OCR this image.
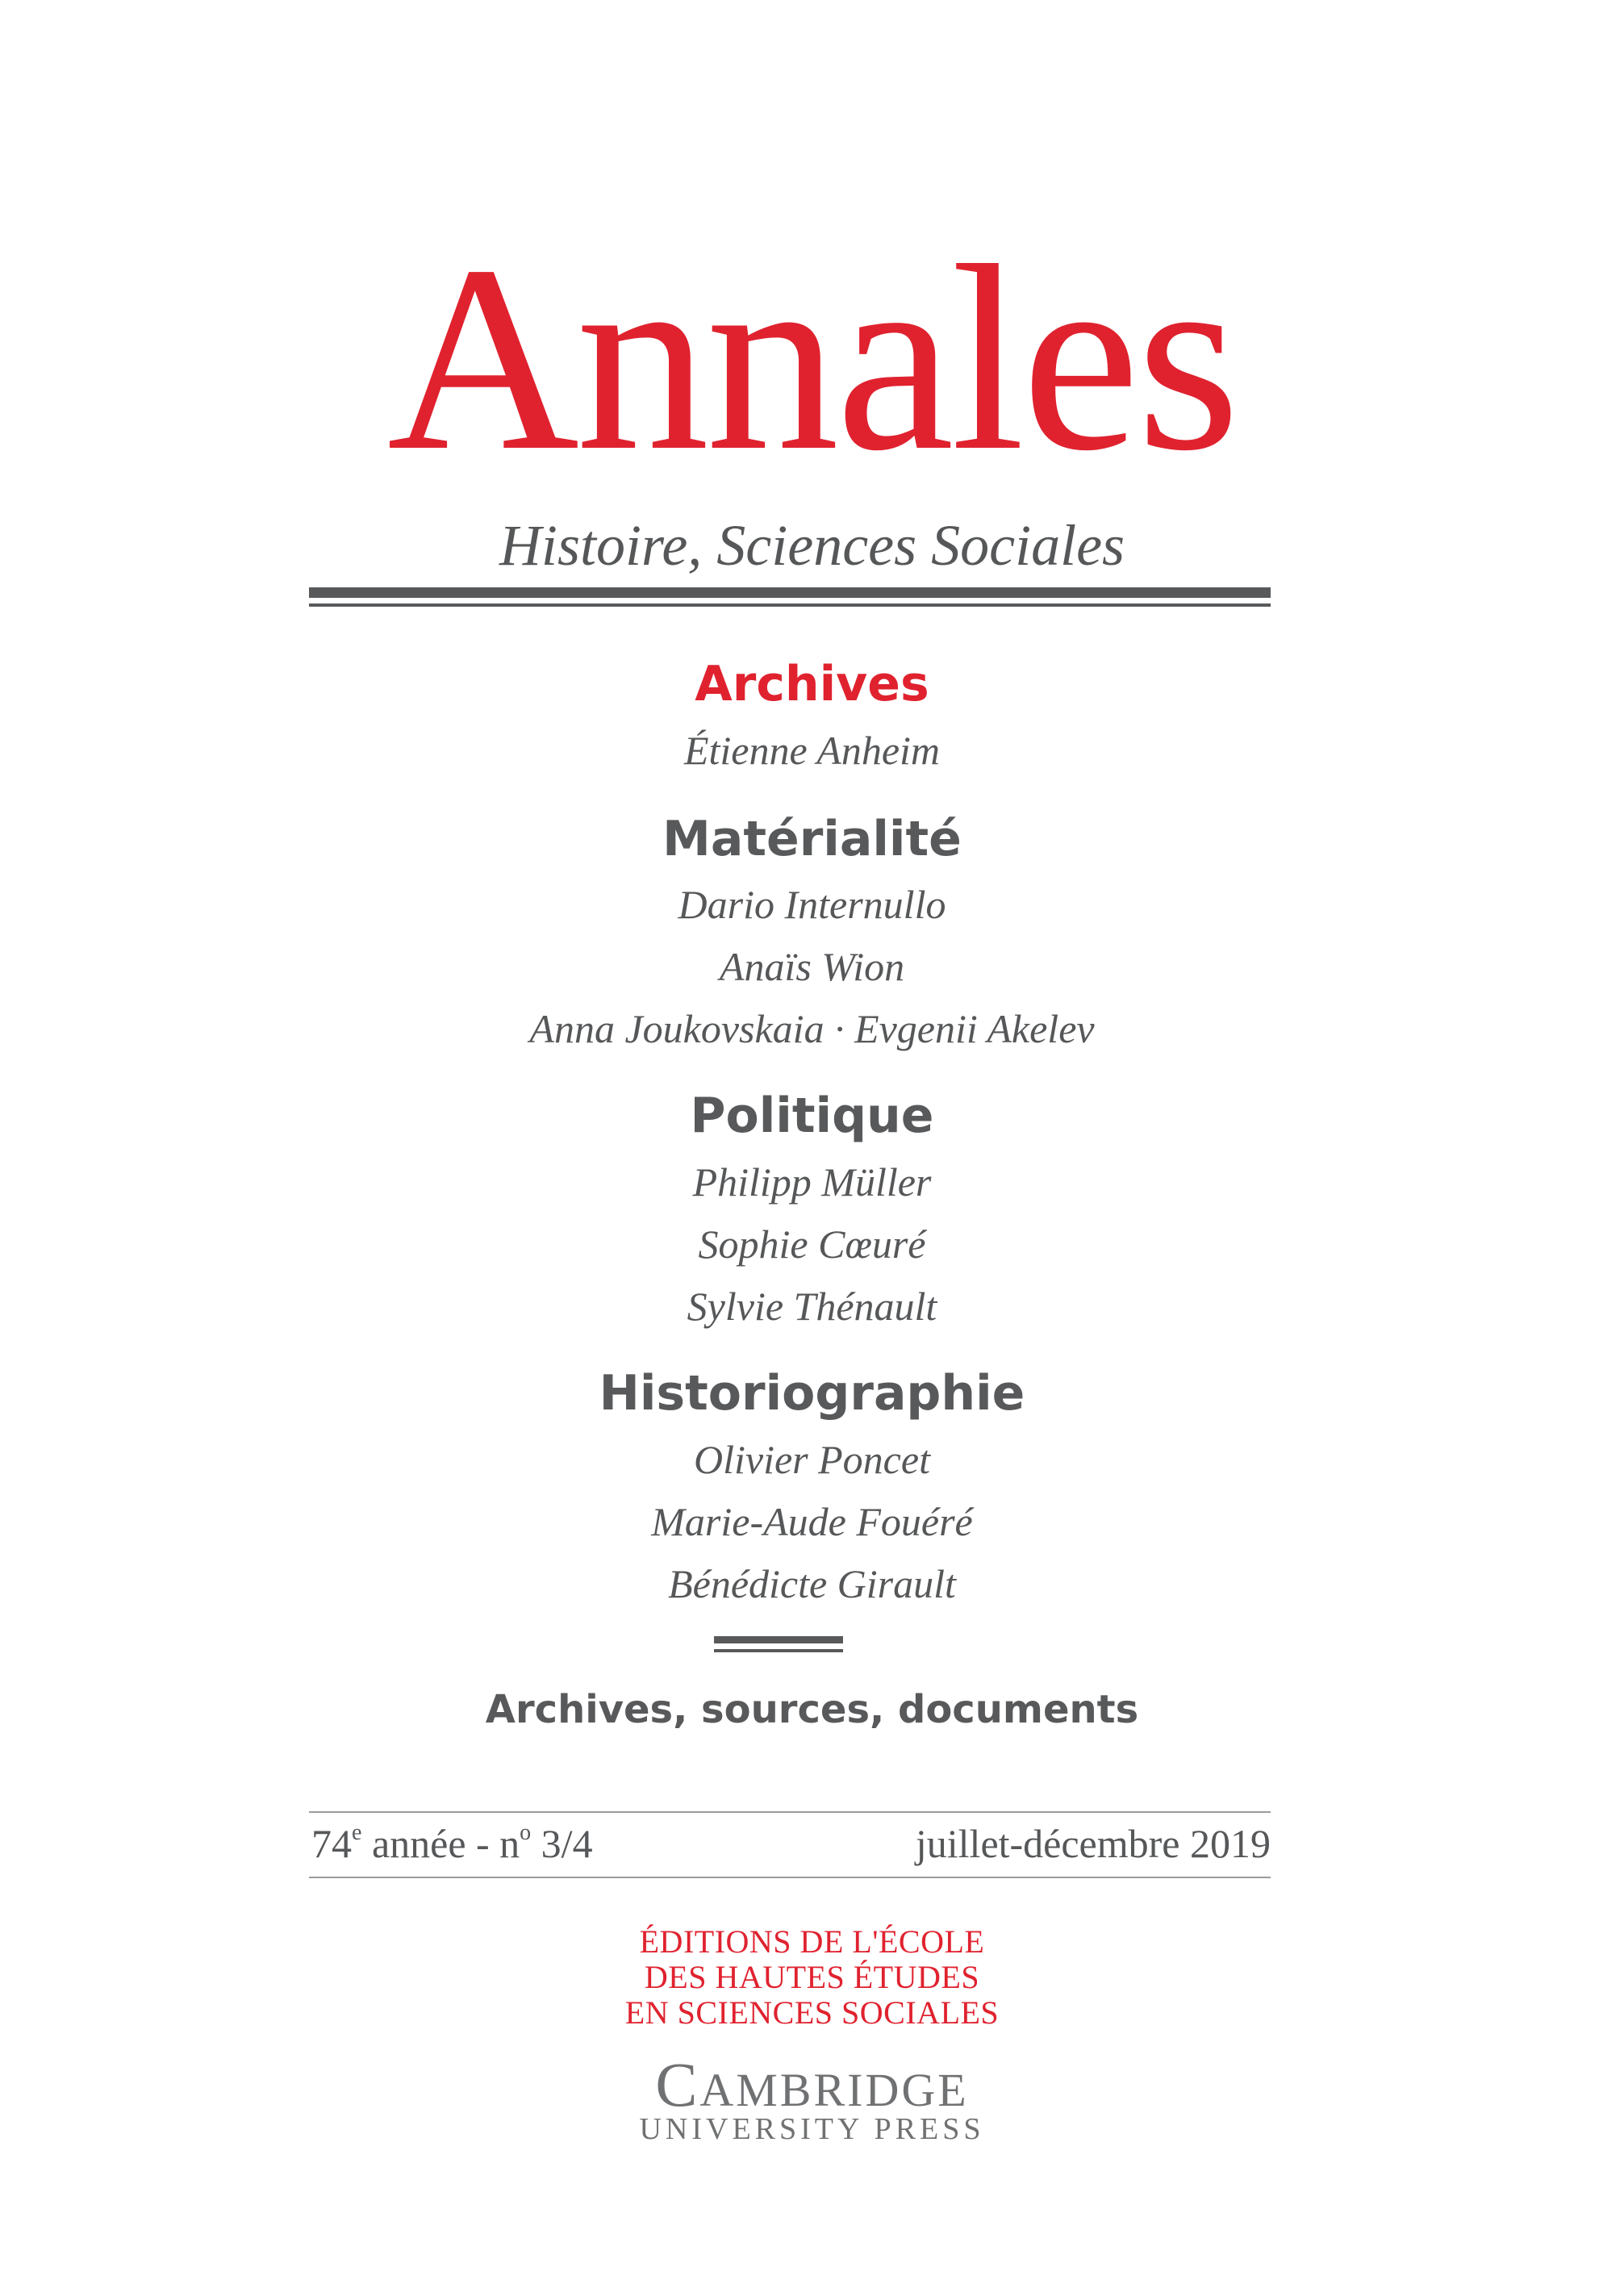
Annales
Histoire, Sciences Sociales
Archives
Étienne Anheim
Matérialité
Dario Internullo
Anaïs Wion
Anna Joukovskaia · Evgenii Akelev
Politique
Philipp Müller
Sophie Cœuré
Sylvie Thénault
Historiographie
Olivier Poncet
Marie-Aude Fouéré
Bénédicte Girault
Archives, sources, documents
74e année - $n^o$ 3/4	juillet-décembre 2019
ÉDITIONS DE L'ÉCOLE
DES HAUTES ÉTUDES
EN SCIENCES SOCIALES
CAMBRIDGE
UNIVERSITY PRESS
